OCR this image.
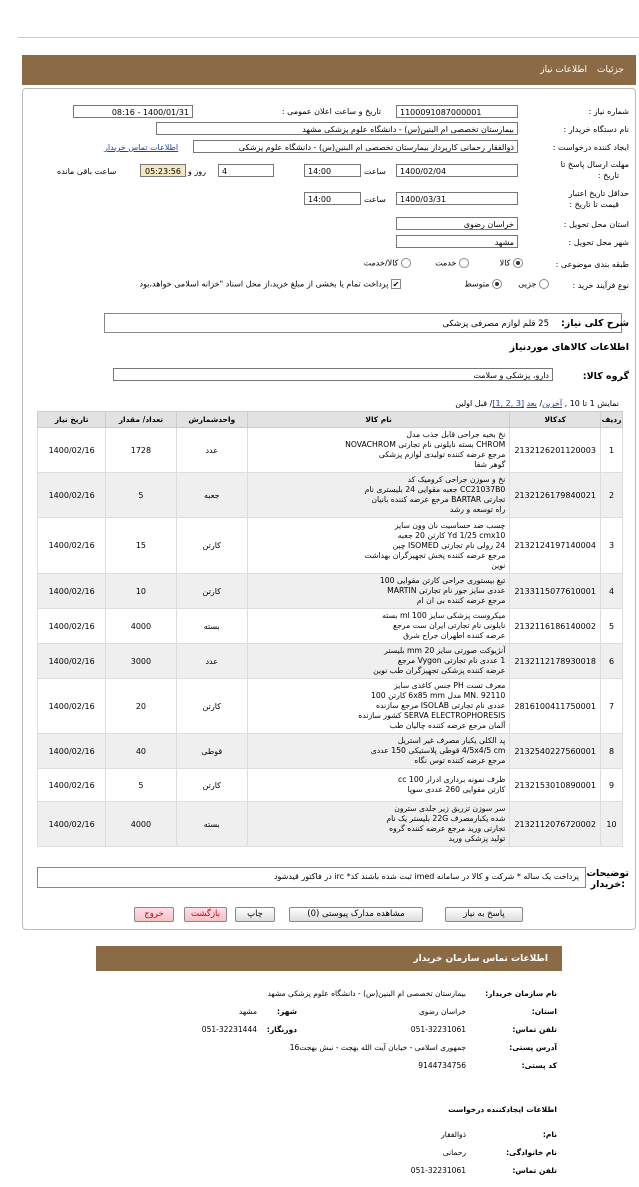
جزئیات
اطلاعات نیاز
شماره نیاز :
1100091087000001
تاریخ و ساعت اعلان عمومی :
1400/01/31 - 08:16
نام دستگاه خریدار :
بیمارستان تخصصی ام البنین(س) - دانشگاه علوم پزشکی مشهد
ایجاد کننده درخواست :
ذوالفقار رحمانی کارپرداز بیمارستان تخصصی ام البنین(س) - دانشگاه علوم پزشکی
اطلاعات تماس خریدار
مهلت ارسال پاسخ تا
تاریخ :
1400/02/04
ساعت
14:00
4
روز و
05:23:56
ساعت باقی مانده
حداقل تاریخ اعتبار
قیمت تا تاریخ :
1400/03/31
ساعت
14:00
استان محل تحویل :
خراسان رضوی
شهر محل تحویل :
مشهد
طبقه بندی موضوعی :
کالا
خدمت
کالا/خدمت
نوع فرآیند خرید :
جزیی
متوسط
✔ پرداخت تمام یا بخشی از مبلغ خرید،از محل اسناد "خزانه اسلامی خواهد،بود
شرح کلی نیاز:
25 قلم لوازم مصرفی پزشکی
اطلاعات کالاهای موردنیاز
گروه کالا:
دارو، پزشکی و سلامت
نمایش 1 تا 10 , آخرین/ بعد [3 ,2 ,1]/ قبل اولین
ردیف	کدکالا	نام کالا	واحدشمارش	تعداد/ مقدار	تاریخ نیاز
1	2132126201120003	نخ بخیه جراحی قابل جذب مدل
CHROM بسته نایلونی نام تجارتی NOVACHROM
مرجع عرضه کننده تولیدی لوازم پزشکی
گوهر شفا	عدد	1728	1400/02/16
2	2132126179840021	نخ و سوزن جراحی کرومیک کد
CC21037B0 جعبه مقوایی 24 بلیستری نام
تجارتی BARTAR مرجع عرضه کننده بانیان
راه توسعه و رشد	جعبه	5	1400/02/16
3	2132124197140004	چسب ضد حساسیت نان وون سایز
Yd 1/25 cmx10 کارتن 20 جعبه
24 رولی نام تجارتی ISOMED چین
مرجع عرضه کننده پخش تجهیزگران بهداشت
نوین	کارتن	15	1400/02/16
4	2133115077610001	تیغ بیستوری جراحی کارتن مقوایی 100
عددی سایز جور نام تجارتی MARTIN
مرجع عرضه کننده بی ان ام	کارتن	10	1400/02/16
5	2132116186140002	میکروست پزشکی سایز 100 ml بسته
نایلونی نام تجارتی ایران ست مرجع
عرضه کننده اطهران جراح شرق	بسته	4000	1400/02/16
6	2132112178930018	آنژیوکت صورتی سایز 20 mm بلیستر
1 عددی نام تجارتی Vygon مرجع
عرضه کننده پزشکی تجهیزگران طب نوین	عدد	3000	1400/02/16
7	2816100411750001	معرف تست PH جنس کاغذی سایز
MN. 92110 مدل 6x85 mm کارتن 100
عددی نام تجارتی ISOLAB مرجع سازنده
SERVA ELECTROPHORESIS کشور سازنده
آلمان مرجع عرضه کننده چالیان طب	کارتن	20	1400/02/16
8	2132540227560001	پد الکلی یکبار مصرف غیر استریل
4/5x4/5 cm قوطی پلاستیکی 150 عددی
مرجع عرضه کننده توس نگاه	قوطی	40	1400/02/16
9	2132153010890001	ظرف نمونه برداری ادرار 100 cc
کارتن مقوایی 260 عددی سوپا	کارتن	5	1400/02/16
10	2132112076720002	سر سوزن تزریق زیر جلدی سترون
شده یکبارمصرف 22G بلیستر یک نام
تجارتی ورید مرجع عرضه کننده گروه
تولید پزشکی ورید	بسته	4000	1400/02/16
توضیحات
:خریدار
پرداخت یک ساله * شرکت و کالا در سامانه imed ثبت شده باشند کد* irc در فاکتور قیدشود
پاسخ به نیاز
مشاهده مدارک پیوستی (0)
چاپ
بازگشت
خروج
اطلاعات تماس سازمان خریدار
نام سازمان خریدار:
بیمارستان تخصصی ام البنین(س) - دانشگاه علوم پزشکی مشهد
استان:
خراسان رضوی
شهر:
مشهد
تلفن تماس:
051-32231061
دورنگار:
051-32231444
آدرس پستی:
جمهوری اسلامی - خیابان آیت الله بهجت - نبش بهجت16
کد پستی:
9144734756
اطلاعات ایجادکننده درخواست
نام:
ذوالفقار
نام خانوادگی:
رحمانی
تلفن تماس:
051-32231061
